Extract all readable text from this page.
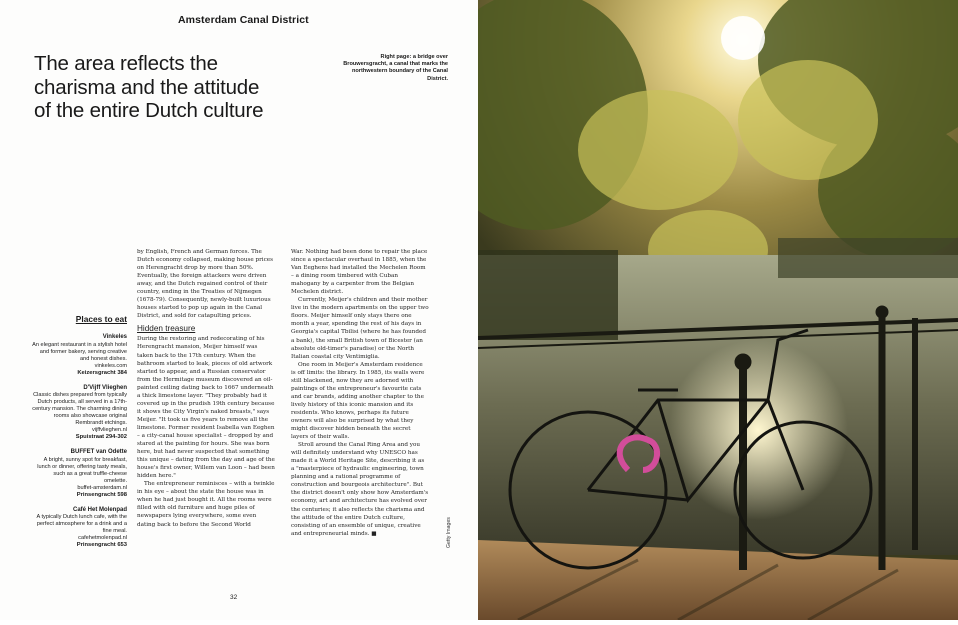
Amsterdam Canal District
The area reflects the charisma and the attitude of the entire Dutch culture
Right page: a bridge over Brouwersgracht, a canal that marks the northwestern boundary of the Canal District.
Places to eat
Vinkeles
An elegant restaurant in a stylish hotel and former bakery, serving creative and honest dishes.
vinkeles.com
Keizersgracht 384
D'Vijff Vlieghen
Classic dishes prepared from typically Dutch products, all served in a 17th-century mansion. The charming dining rooms also showcase original Rembrandt etchings.
vijffvlieghen.nl
Spuistraat 294-302
BUFFET van Odette
A bright, sunny spot for breakfast, lunch or dinner, offering tasty meals, such as a great truffle-cheese omelette.
buffet-amsterdam.nl
Prinsengracht 598
Café Het Molenpad
A typically Dutch lunch cafe, with the perfect atmosphere for a drink and a fine meal.
cafehetmolenpad.nl
Prinsengracht 653

by English, French and German forces. The Dutch economy collapsed, making house prices on Herengracht drop by more than 50%. Eventually, the foreign attackers were driven away, and the Dutch regained control of their country, ending in the Treaties of Nijmegen (1678-79). Consequently, newly-built luxurious houses started to pop up again in the Canal District, and sold for catapulting prices.

Hidden treasure

During the restoring and redecorating of his Herengracht mansion, Meijer himself was taken back to the 17th century. When the bathroom started to leak, pieces of old artwork started to appear, and a Russian conservator from the Hermitage museum discovered an oil-painted ceiling dating back to 1667 underneath a thick limestone layer. "They probably had it covered up in the prudish 19th century because it shows the City Virgin's naked breasts," says Meijer. "It took us five years to remove all the limestone. Former resident Isabella van Eeghen – a city-canal house specialist – dropped by and stared at the painting for hours. She was born here, but had never suspected that something this unique – dating from the day and age of the house's first owner, Willem van Loon – had been hidden here."

The entrepreneur reminisces – with a twinkle in his eye – about the state the house was in when he had just bought it. All the rooms were filled with old furniture and huge piles of newspapers lying everywhere, some even dating back to before the Second World

War. Nothing had been done to repair the place since a spectacular overhaul in 1885, when the Van Eeghens had installed the Mechelen Room – a dining room timbered with Cuban mahogany by a carpenter from the Belgian Mechelen district.

Currently, Meijer's children and their mother live in the modern apartments on the upper two floors. Meijer himself only stays there one month a year, spending the rest of his days in Georgia's capital Tbilisi (where he has founded a bank), the small British town of Bicester (an absolute old-timer's paradise) or the North Italian coastal city Ventimiglia.

One room in Meijer's Amsterdam residence is off limits: the library. In 1985, its walls were still blackened, now they are adorned with paintings of the entrepreneur's favourite cats and car brands, adding another chapter to the lively history of this iconic mansion and its residents. Who knows, perhaps its future owners will also be surprised by what they might discover hidden beneath the secret layers of their walls.

Stroll around the Canal Ring Area and you will definitely understand why UNESCO has made it a World Heritage Site, describing it as a "masterpiece of hydraulic engineering, town planning and a rational programme of construction and bourgeois architecture". But the district doesn't only show how Amsterdam's economy, art and architecture has evolved over the centuries; it also reflects the charisma and the attitude of the entire Dutch culture, consisting of an ensemble of unique, creative and entrepreneurial minds. ■

32
Getty Images
